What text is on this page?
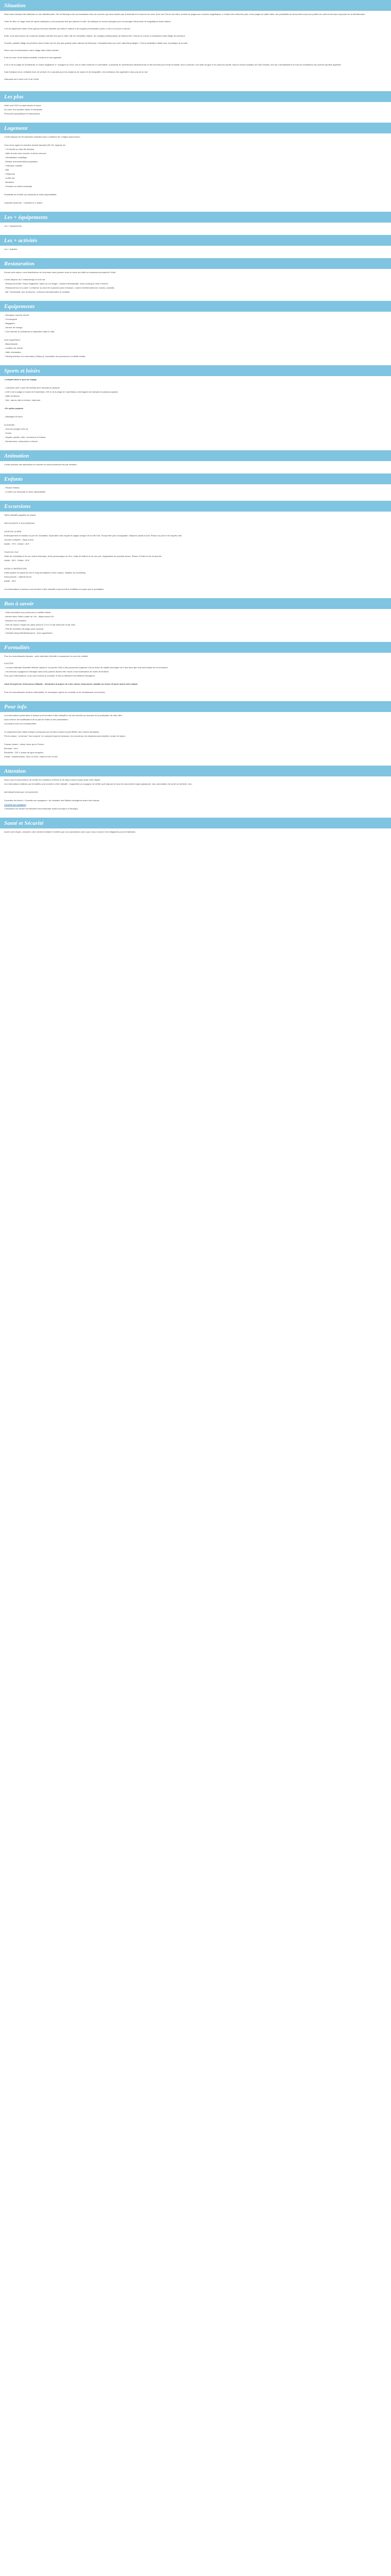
Situation

Situé dans l'archipel des Baléares en mer Méditerranée, l'île de Minorque est une destination hors du commun qui vous séduira par la diversité et la douceur de vivre. Avec ses 216 km de côtes, bordés de plages aux couleurs magnifiques, à l'ombre des chefs des pins, entre plages de sable blanc, les possibilités de découverte sont pour profiter du soleil et des eaux turquoise de la Méditerranée.

Cette île offre, en large choix de sports nautiques y sont proposés tels que planche à voile, ski nautique ou encore plongée pour une plongée découverte de magnifiques fonds marins.

L'île est également dotée d'une grande richesse naturelle qui invite le visiteur à de longues promenades à pied, à vélo ou encore à cheval...

Enfin, vous découvrirez de nombreux attraits culturels tels que la visite ville de Ciutadella, Mahón, de vestiges préhistoriques de Naveta d'Es Tudons ou encore le traditionnel petit village de pêcheurs.

Fornells, paisible village de pêcheurs dont la baie est l'un des plus grands ports naturels de Minorque. Ciutadella dans une zone naturelle protégée. C'est la destination idéale pour la pratique de la voile.

Nous vous recommandons notre village dans l'hôtel suivant :

Il est au cœur d'une station familiale, moderne et très agréable.

A 40 m de la plage de Sondestrak, le Grand Sagbarker 4*, inauguré en 2013, est un hôtel moderne et confortable. Il possède de nombreuses infrastructures et des services pour toute la famille, dont 2 piscines, une salle de gym et un parcours sportif, dans le niveau nautique de Cala S'Aldea, club de Lola Ballesteros et tous les animations une journée sportive agréable.

Cala Galdana est un véritable écrin de verdure et un paradis pour les amateurs de nature et de tranquillité. Une ambiance très agréable à deux pas de la mer.

Galeopsis est à neuf à 40 m de l'hôtel.

Les plus
Hôtel neuf 2013 au style simple et épuré
Au cœur d'un quartier calme et résidentiel
Personnel sympathique et francophone
Logement
L'hôtel dispose de 98 chambres réparties dans 1 bâtiment de 2 étages (ascenseur).
Vous serez logés en chambre double standard (25 m²), équipée de :
- 1 lit double ou deux lits simples
- Salle de bain avec douche et sèche-cheveux
- Climatisation chauffage
- Minibar (consommations payantes)
- Télévision satellite
- Wifi
- Téléphone
- Coffre-fort
- Bouilloire
- Terrasse ou balcon aménagé
Possibilité de lit bébé sur demande et selon disponibilités.
Capacité maximum : 3 adultes et 1 enfant
Les + équipements
Les + équipements
Les + activités
Les + activités
Restauration

Durant votre séjour, vous bénéficierez de la formule demi-pension sous la forme de buffet au restaurant principal de l'hôtel.

L'hôtel dispose de 2 restaurant(s) et d'un bar.
- Restaurant buffet "Grand Sagbarker" (situé au 1er étage) : cuisine internationale, show cooking et dîner à thème.
- Restaurant bar à la carte "La Marina" au bord de la piscine (avec terrasse) : cuisine méditerranéenne, snacks, cocktails.
- Bar "Sondestrak" (sur la piscine) : boissons internationales et cocktails.
Equipements
- Réception ouverte 24h/24
- Conciergerie
- Bagagerie
- Service de change
- Coin Internet (2 ordinateurs à disposition dans le hall)
Avec supplément :
- Blanchisserie
- Location de voiture
- Salle d'animation
- Parking intérieur sur réservation (10€/jour). Accessible aux personnes à mobilité réduite.
Sports et loisirs
• Compris dans le prix du voyage
- 2 piscines dont 1 pour les enfants avec transats et parasols
- A 50 m de la plage à l'ouest de Sondestrak, 100 m de la plage de Cala Blanca. Aménagées de transats et parasols payants
- Salle de fitness
- Spa : sauna, bain à remous, hammam
• En option payante
- Massages et soins
A proximité :
- Club de plongée (100 m)
- Tennis
- Kayaks, paddle, voile, excursions en bateau
- Randonnées, randonnées à cheval
Animation
L'hôtel propose des spectacles et concerts en soirée plusieurs fois par semaine.
Enfants
- Piscine enfants
- Lit bébé sur demande et selon disponibilités
Excursions
Tarifs indicatifs (payable sur place)
DÉCOUVERTE & EXCURSIONS
JOUR DE LA MER
Embarquement en bateau au port de Ciutadella. Exploration des criques et plages vierges de la côte Sud. Temps libre pour la baignade. Déjeuner paella à bord. Retour au port en fin d'après-midi.
Journée complète - repas inclus
Adulte : 75 € - Enfant : 45 €
TOUR DE L'ÎLE
Visite de Ciutadella et de son centre historique. Arrêt panoramique au Toro. Visite de Mahón et de son port. Dégustation de produits locaux. Retour à l'hôtel en fin de journée.
Adulte : 55 € - Enfant : 35 €
KAYAK & SNORKELING
Sortie guidée en kayak de mer le long des falaises et des criques. Initiation au snorkeling.
Demi-journée - matériel fourni
Adulte : 45 €
Les informations ci-dessus sont données à titre indicatif et peuvent être modifiées sur place par le prestataire.
Bon à savoir
- Hôtel accessible aux personnes à mobilité réduite
- Arrivée dans l'hôtel à partir de 14h - départ avant 12h
- Animaux non acceptés
- Taxe de séjour à régler sur place (environ 1 € à 2 € par personne et par nuit)
- Prêt de serviettes de plage (avec caution)
- Transfert aéroport/hôtel/aéroport : avec supplément
Formalités

Pour les ressortissants français : carte nationale d'identité ou passeport en cours de validité.

A NOTER :
- La carte nationale d'identité délivrée depuis le 1er janvier 2004 à des personnes majeures voit sa durée de validité prolongée de 5 ans sans que cela soit indiqué sur le document.
- Les mineurs voyageant à l'étranger sans leurs parents doivent être munis d'une autorisation de sortie de territoire.
Pour plus d'informations, nous vous invitons à consulter le site du Ministère des Affaires Étrangères.
Carte Européenne d'Assurance Maladie : demandez-la auprès de votre caisse d'assurance maladie au moins 15 jours avant votre départ.
Pour les ressortissants d'autres nationalités, se renseigner auprès du consulat ou de l'ambassade concerné(e).
Pour info
Les informations présentées ci-dessus sont données à titre indicatif et ont été relevées au moment de la publication de cette offre.
Sous réserve de modifications de la part de l'hôtel ou des prestataires.
Les photos sont non contractuelles.
Le classement des hôtels indiqué correspond aux normes locales et peut différer des normes françaises.
Prix du séjour : la formule "tout compris" ne comprend pas les boissons, les excursions, les dépenses personnelles, la taxe de séjour.
Fuseau horaire : même heure qu'en France.
Monnaie : euro.
Électricité : 220 V, prises de type européen.
Climat : méditerranéen, doux en hiver, chaud et sec en été.
Attention
Nous vous recommandons de vérifier les conditions d'entrée et de séjour dans le pays avant votre départ.
Les informations relatives aux formalités sont données à titre indicatif ; il appartient au voyageur de vérifier qu'il dispose de tous les documents requis (passeport, visa, autorisation de sortie du territoire, etc.).
INFORMATIONS AUX VOYAGEURS
Consultez les fiches « Conseils aux voyageurs » du ministère des Affaires étrangères avant votre départ.
Conseils aux voyageurs
L'inscription sur Ariane est fortement recommandée avant tout séjour à l'étranger.
Santé et Sécurité
Avant votre départ, consultez votre médecin traitant et vérifiez que vos vaccinations sont à jour. Aucun vaccin n'est obligatoire pour les Baléares.
